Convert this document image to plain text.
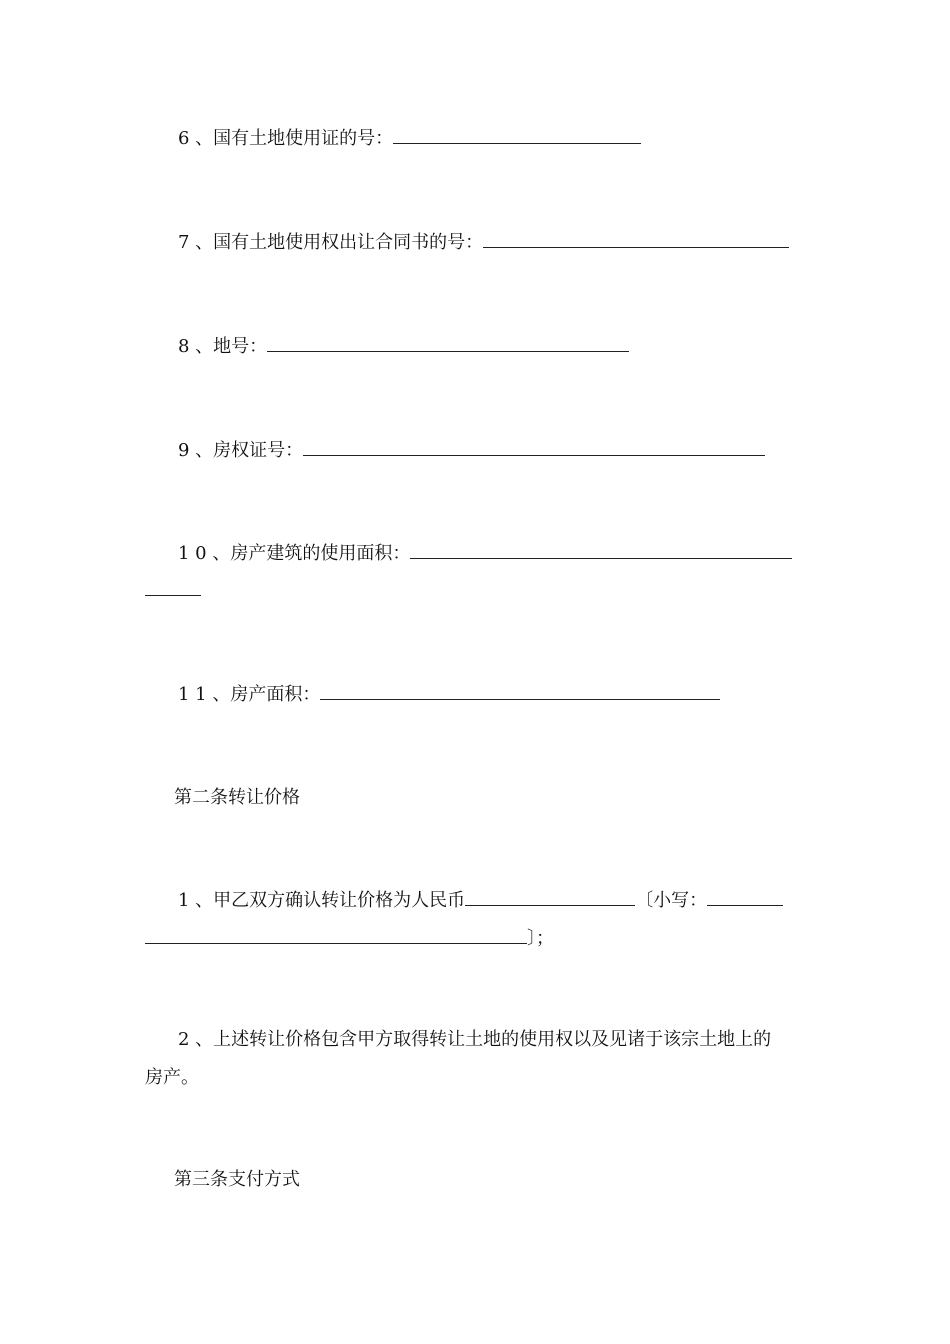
6 、国有土地使用证的号：
7 、国有土地使用权出让合同书的号：
8 、地号：
9 、房权证号：
1 0 、房产建筑的使用面积：
1 1 、房产面积：
第二条转让价格
1 、甲乙双方确认转让价格为人民币	〔小写：
〕；
2 、上述转让价格包含甲方取得转让土地的使用权以及见诸于该宗土地上的
房产。
第三条支付方式
